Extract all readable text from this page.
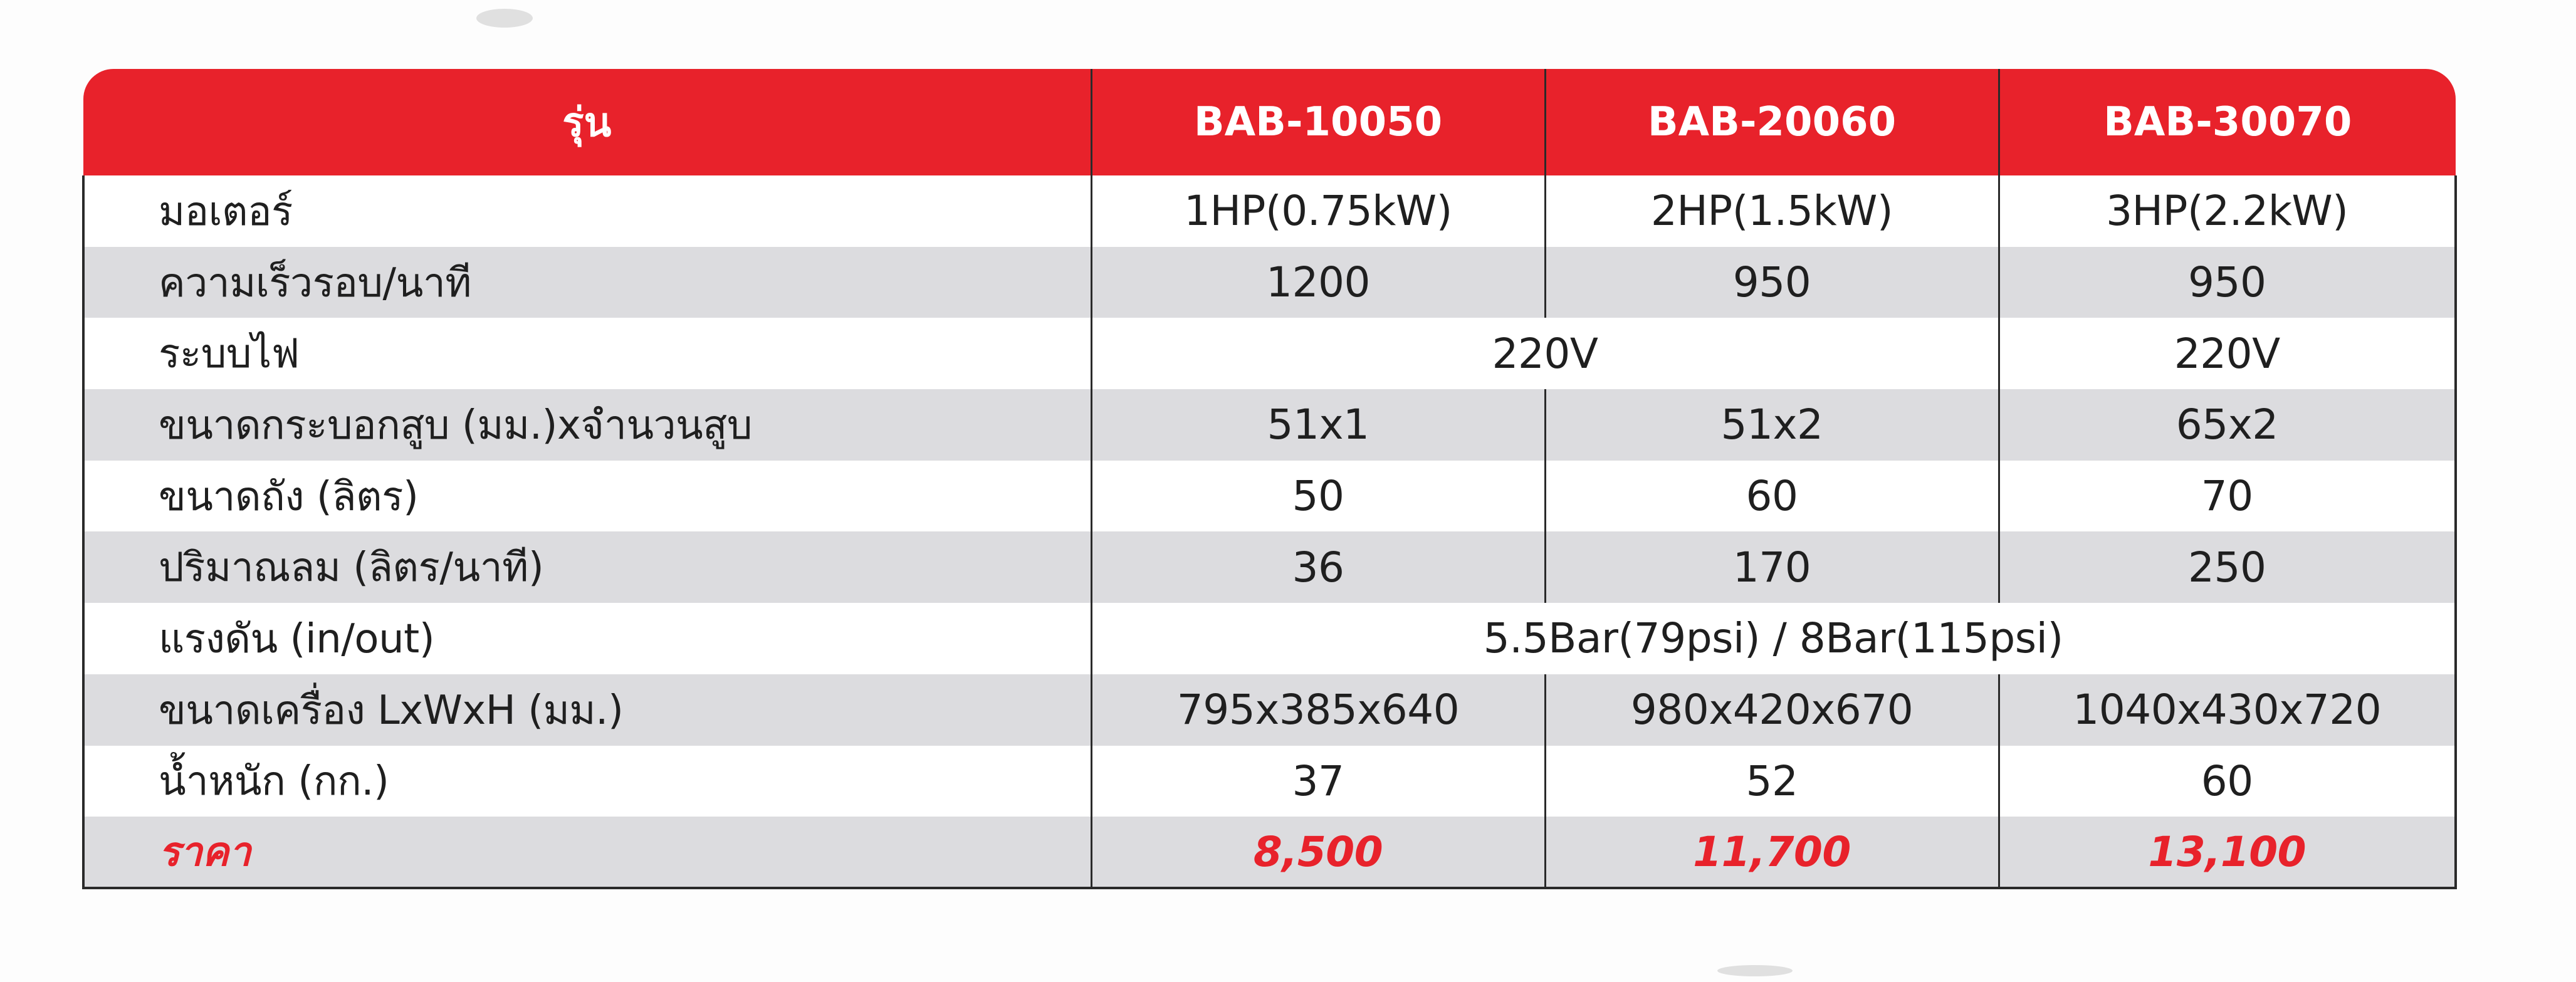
รุ่น	BAB-10050	BAB-20060	BAB-30070
มอเตอร์	1HP(0.75kW)	2HP(1.5kW)	3HP(2.2kW)
ความเร็วรอบ/นาที	1200	950	950
ระบบไฟ	220V		220V
ขนาดกระบอกสูบ (มม.)xจำนวนสูบ	51x1	51x2	65x2
ขนาดถัง (ลิตร)	50	60	70
ปริมาณลม (ลิตร/นาที)	36	170	250
แรงดัน (in/out)	5.5Bar(79psi) / 8Bar(115psi)		
ขนาดเครื่อง LxWxH (มม.)	795x385x640	980x420x670	1040x430x720
น้ำหนัก (กก.)	37	52	60
ราคา	8,500	11,700	13,100
